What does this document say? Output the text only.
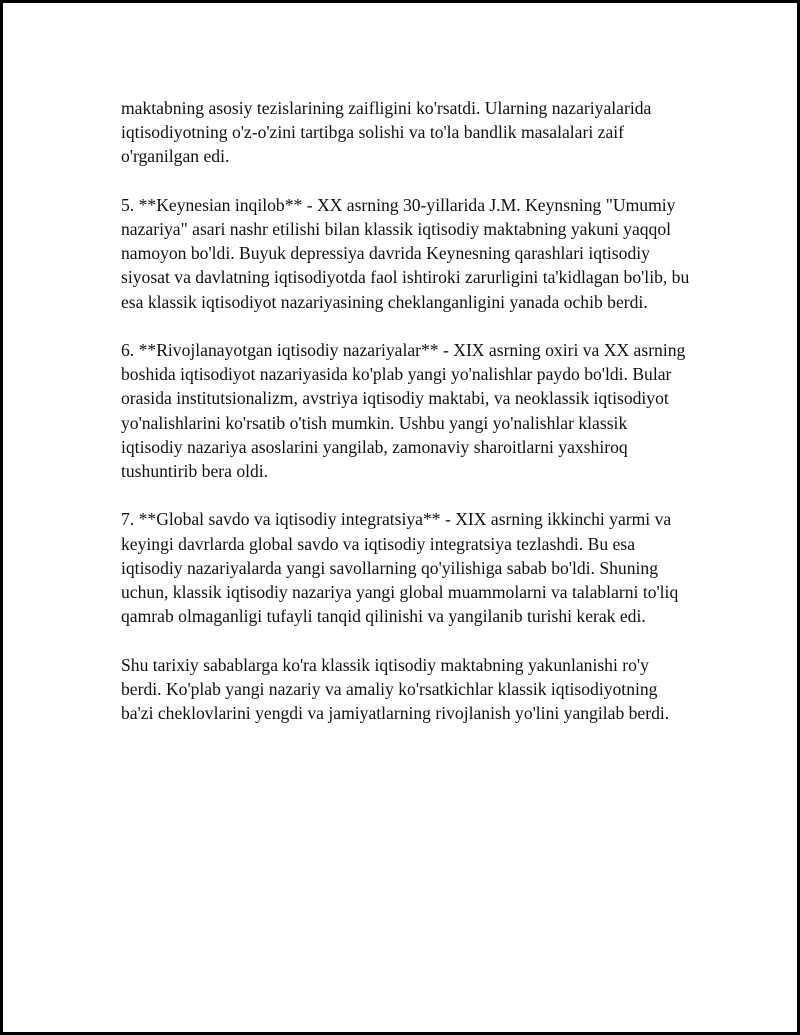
maktabning asosiy tezislarining zaifligini ko'rsatdi. Ularning nazariyalarida iqtisodiyotning o'z-o'zini tartibga solishi va to'la bandlik masalalari zaif o'rganilgan edi.

5. **Keynesian inqilob** - XX asrning 30-yillarida J.M. Keynsning "Umumiy nazariya" asari nashr etilishi bilan klassik iqtisodiy maktabning yakuni yaqqol namoyon bo'ldi. Buyuk depressiya davrida Keynesning qarashlari iqtisodiy siyosat va davlatning iqtisodiyotda faol ishtiroki zarurligini ta'kidlagan bo'lib, bu esa klassik iqtisodiyot nazariyasining cheklanganligini yanada ochib berdi.

6. **Rivojlanayotgan iqtisodiy nazariyalar** - XIX asrning oxiri va XX asrning boshida iqtisodiyot nazariyasida ko'plab yangi yo'nalishlar paydo bo'ldi. Bular orasida institutsionalizm, avstriya iqtisodiy maktabi, va neoklassik iqtisodiyot yo'nalishlarini ko'rsatib o'tish mumkin. Ushbu yangi yo'nalishlar klassik iqtisodiy nazariya asoslarini yangilab, zamonaviy sharoitlarni yaxshiroq tushuntirib bera oldi.

7. **Global savdo va iqtisodiy integratsiya** - XIX asrning ikkinchi yarmi va keyingi davrlarda global savdo va iqtisodiy integratsiya tezlashdi. Bu esa iqtisodiy nazariyalarda yangi savollarning qo'yilishiga sabab bo'ldi. Shuning uchun, klassik iqtisodiy nazariya yangi global muammolarni va talablarni to'liq qamrab olmaganligi tufayli tanqid qilinishi va yangilanib turishi kerak edi.

Shu tarixiy sabablarga ko'ra klassik iqtisodiy maktabning yakunlanishi ro'y berdi. Ko'plab yangi nazariy va amaliy ko'rsatkichlar klassik iqtisodiyotning ba'zi cheklovlarini yengdi va jamiyatlarning rivojlanish yo'lini yangilab berdi.
